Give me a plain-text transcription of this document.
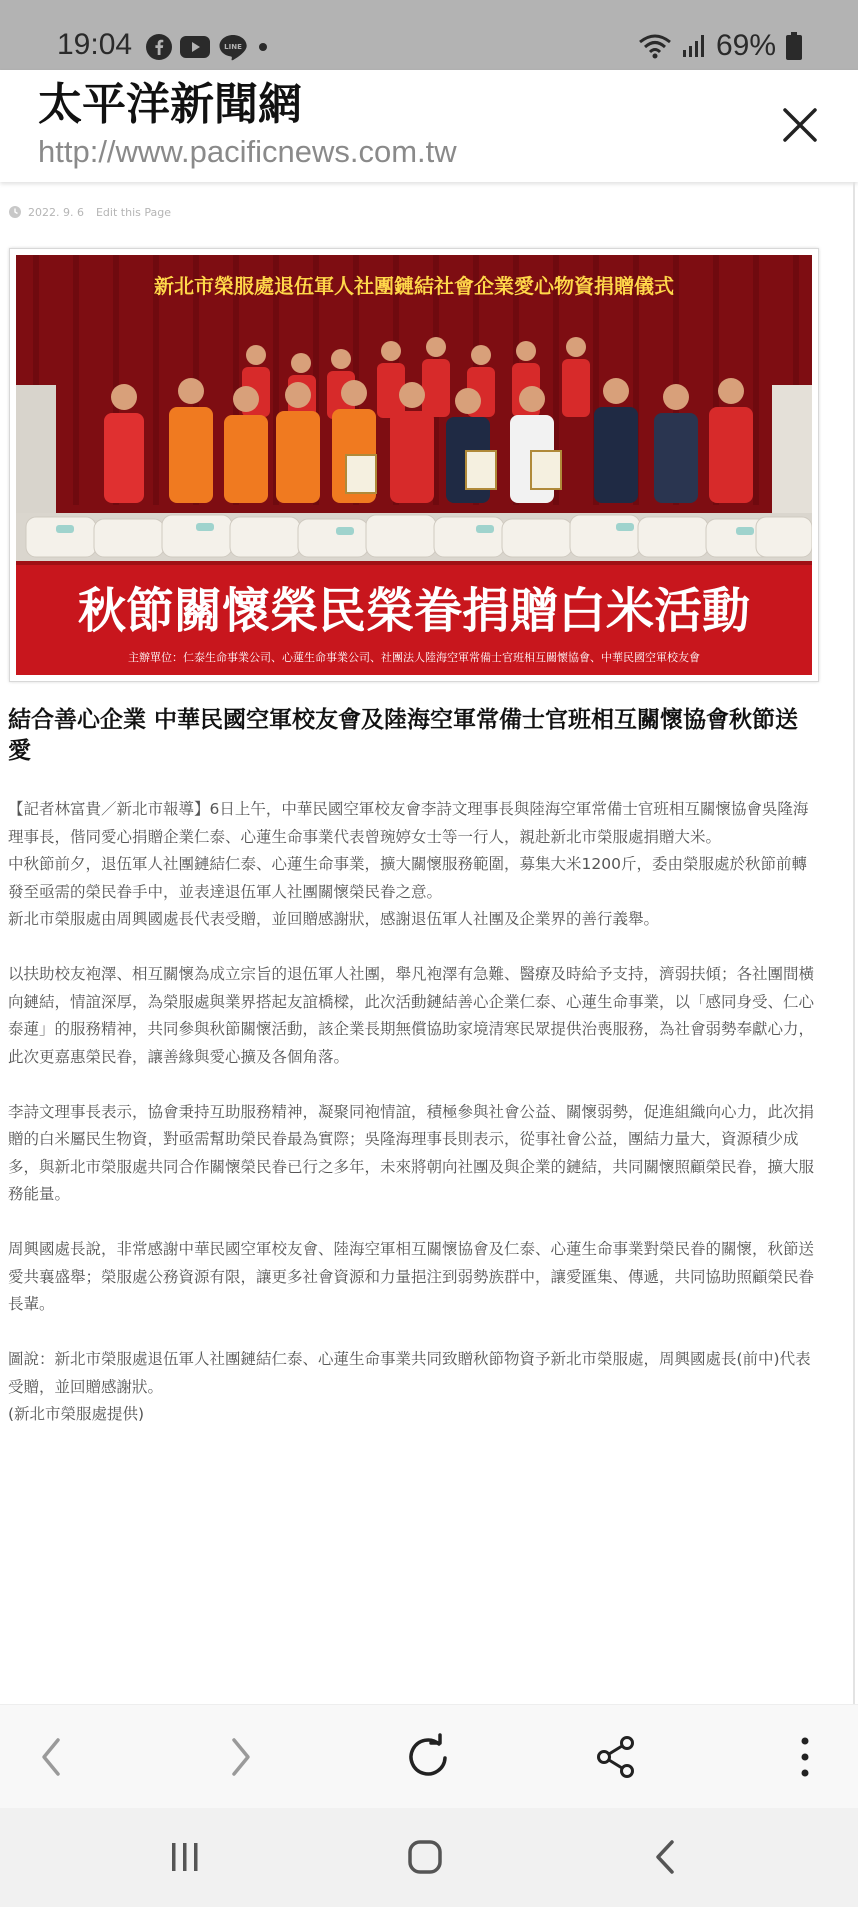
19:04	LINE	69%
太平洋新聞網
http://www.pacificnews.com.tw
2022. 9. 6 Edit this Page
新北市榮服處退伍軍人社團鏈結社會企業愛心物資捐贈儀式
秋節關懷榮民榮眷捐贈白米活動
主辦單位：仁泰生命事業公司、心蓮生命事業公司、社團法人陸海空軍常備士官班相互關懷協會、中華民國空軍校友會
結合善心企業 中華民國空軍校友會及陸海空軍常備士官班相互關懷協會秋節送愛

【記者林富貴／新北市報導】6日上午，中華民國空軍校友會李詩文理事長與陸海空軍常備士官班相互關懷協會吳隆海理事長，偕同愛心捐贈企業仁泰、心蓮生命事業代表曾琬婷女士等一行人，親赴新北市榮服處捐贈大米。
中秋節前夕，退伍軍人社團鏈結仁泰、心蓮生命事業，擴大關懷服務範圍，募集大米1200斤，委由榮服處於秋節前轉發至亟需的榮民眷手中，並表達退伍軍人社團關懷榮民眷之意。
新北市榮服處由周興國處長代表受贈，並回贈感謝狀，感謝退伍軍人社團及企業界的善行義舉。

以扶助校友袍澤、相互關懷為成立宗旨的退伍軍人社團，舉凡袍澤有急難、醫療及時給予支持，濟弱扶傾；各社團間橫向鏈結，情誼深厚，為榮服處與業界搭起友誼橋樑，此次活動鏈結善心企業仁泰、心蓮生命事業，以「感同身受、仁心泰蓮」的服務精神，共同參與秋節關懷活動，該企業長期無償協助家境清寒民眾提供治喪服務，為社會弱勢奉獻心力，此次更嘉惠榮民眷，讓善緣與愛心擴及各個角落。

李詩文理事長表示，協會秉持互助服務精神，凝聚同袍情誼，積極參與社會公益、關懷弱勢，促進組織向心力，此次捐贈的白米屬民生物資，對亟需幫助榮民眷最為實際；吳隆海理事長則表示，從事社會公益，團結力量大，資源積少成多，與新北市榮服處共同合作關懷榮民眷已行之多年，未來將朝向社團及與企業的鏈結，共同關懷照顧榮民眷，擴大服務能量。

周興國處長說，非常感謝中華民國空軍校友會、陸海空軍相互關懷協會及仁泰、心蓮生命事業對榮民眷的關懷，秋節送愛共襄盛舉；榮服處公務資源有限，讓更多社會資源和力量挹注到弱勢族群中，讓愛匯集、傳遞，共同協助照顧榮民眷長輩。

圖說：新北市榮服處退伍軍人社團鏈結仁泰、心蓮生命事業共同致贈秋節物資予新北市榮服處，周興國處長(前中)代表受贈，並回贈感謝狀。
(新北市榮服處提供)
